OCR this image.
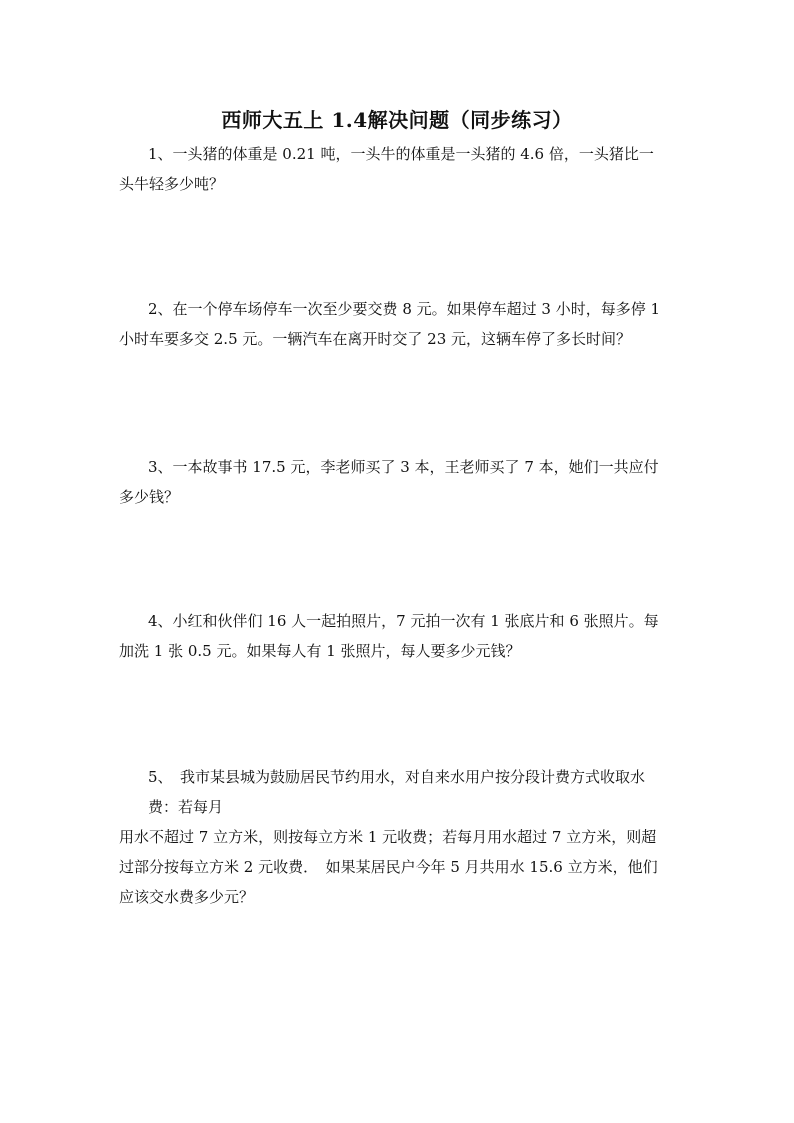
西师大五上 1.4解决问题（同步练习）
1、一头猪的体重是 0.21 吨，一头牛的体重是一头猪的 4.6 倍，一头猪比一
头牛轻多少吨？
2、在一个停车场停车一次至少要交费 8 元。如果停车超过 3 小时，每多停 1
小时车要多交 2.5 元。一辆汽车在离开时交了 23 元，这辆车停了多长时间？
3、一本故事书 17.5 元，李老师买了 3 本，王老师买了 7 本，她们一共应付
多少钱？
4、小红和伙伴们 16 人一起拍照片，7 元拍一次有 1 张底片和 6 张照片。每
加洗 1 张 0.5 元。如果每人有 1 张照片，每人要多少元钱？
5、　我市某县城为鼓励居民节约用水，对自来水用户按分段计费方式收取水
费：若每月
用水不超过 7 立方米，则按每立方米 1 元收费；若每月用水超过 7 立方米，则超
过部分按每立方米 2 元收费．　如果某居民户今年 5 月共用水 15.6 立方米，他们
应该交水费多少元？
